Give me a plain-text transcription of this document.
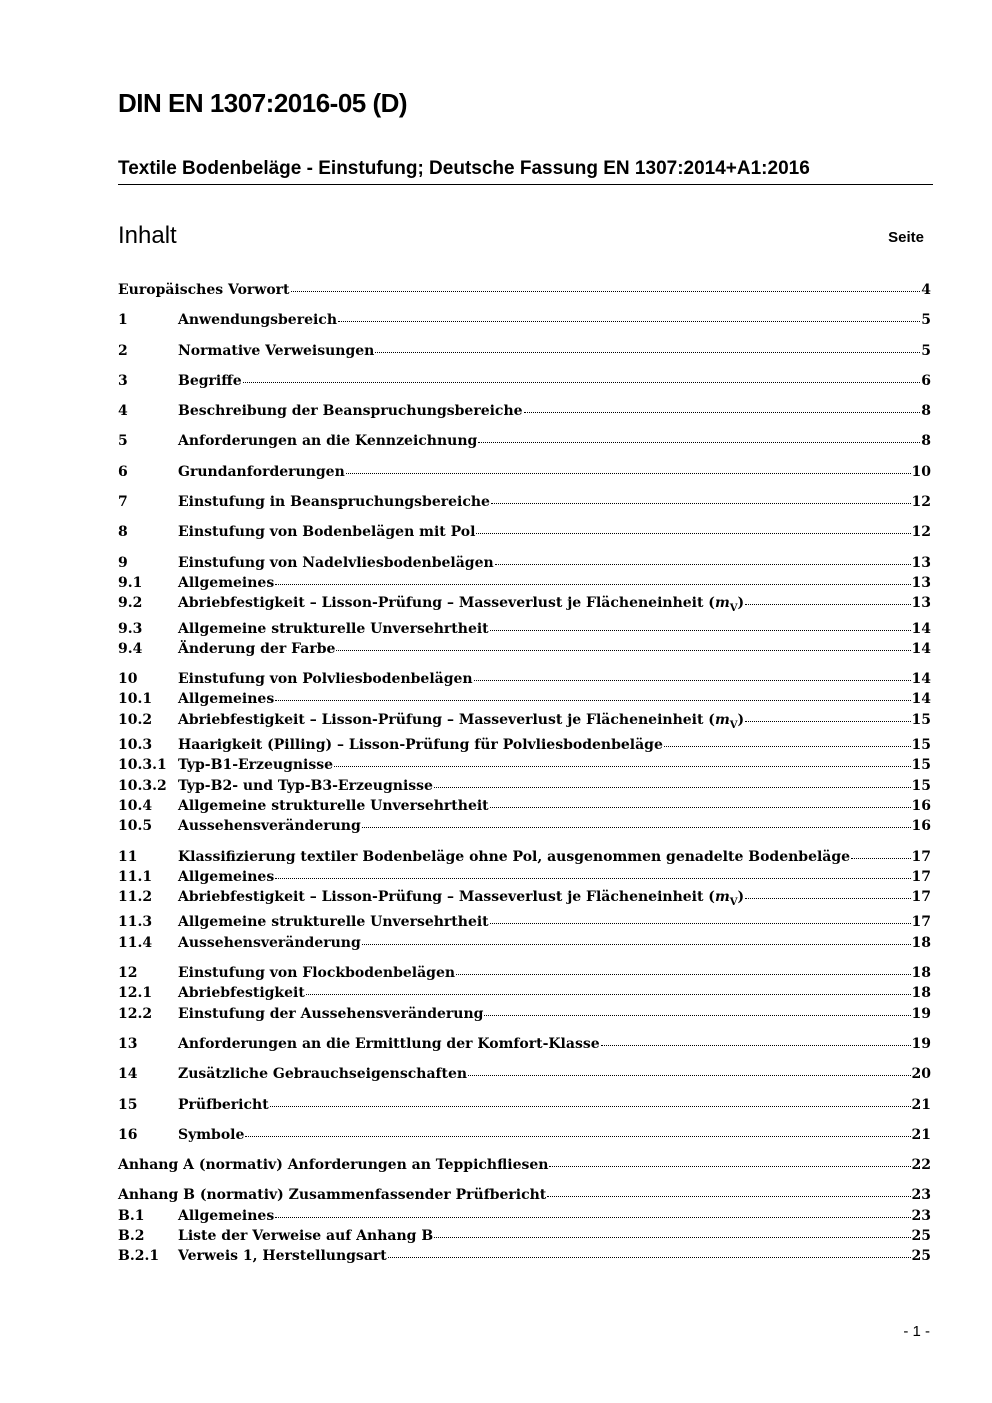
DIN EN 1307:2016-05 (D)
Textile Bodenbeläge - Einstufung; Deutsche Fassung EN 1307:2014+A1:2016
Inhalt	Seite
Europäisches Vorwort	4
1	Anwendungsbereich	5
2	Normative Verweisungen	5
3	Begriffe	6
4	Beschreibung der Beanspruchungsbereiche	8
5	Anforderungen an die Kennzeichnung	8
6	Grundanforderungen	10
7	Einstufung in Beanspruchungsbereiche	12
8	Einstufung von Bodenbelägen mit Pol	12
9	Einstufung von Nadelvliesbodenbelägen	13
9.1	Allgemeines	13
9.2	Abriebfestigkeit – Lisson-Prüfung – Masseverlust je Flächeneinheit $(m_V)$	13
9.3	Allgemeine strukturelle Unversehrtheit	14
9.4	Änderung der Farbe	14
10	Einstufung von Polvliesbodenbelägen	14
10.1	Allgemeines	14
10.2	Abriebfestigkeit – Lisson-Prüfung – Masseverlust je Flächeneinheit $(m_V)$	15
10.3	Haarigkeit (Pilling) – Lisson-Prüfung für Polvliesbodenbeläge	15
10.3.1 Typ-B1-Erzeugnisse	15
10.3.2 Typ-B2- und Typ-B3-Erzeugnisse	15
10.4	Allgemeine strukturelle Unversehrtheit	16
10.5	Aussehensveränderung	16
11	Klassifizierung textiler Bodenbeläge ohne Pol, ausgenommen genadelte Bodenbeläge	17
11.1	Allgemeines	17
11.2	Abriebfestigkeit – Lisson-Prüfung – Masseverlust je Flächeneinheit $(m_V)$	17
11.3	Allgemeine strukturelle Unversehrtheit	17
11.4	Aussehensveränderung	18
12	Einstufung von Flockbodenbelägen	18
12.1	Abriebfestigkeit	18
12.2	Einstufung der Aussehensveränderung	19
13	Anforderungen an die Ermittlung der Komfort-Klasse	19
14	Zusätzliche Gebrauchseigenschaften	20
15	Prüfbericht	21
16	Symbole	21
Anhang A (normativ) Anforderungen an Teppichfliesen	22
Anhang B (normativ) Zusammenfassender Prüfbericht	23
B.1	Allgemeines	23
B.2	Liste der Verweise auf Anhang B	25
B.2.1	Verweis 1, Herstellungsart	25
- 1 -
